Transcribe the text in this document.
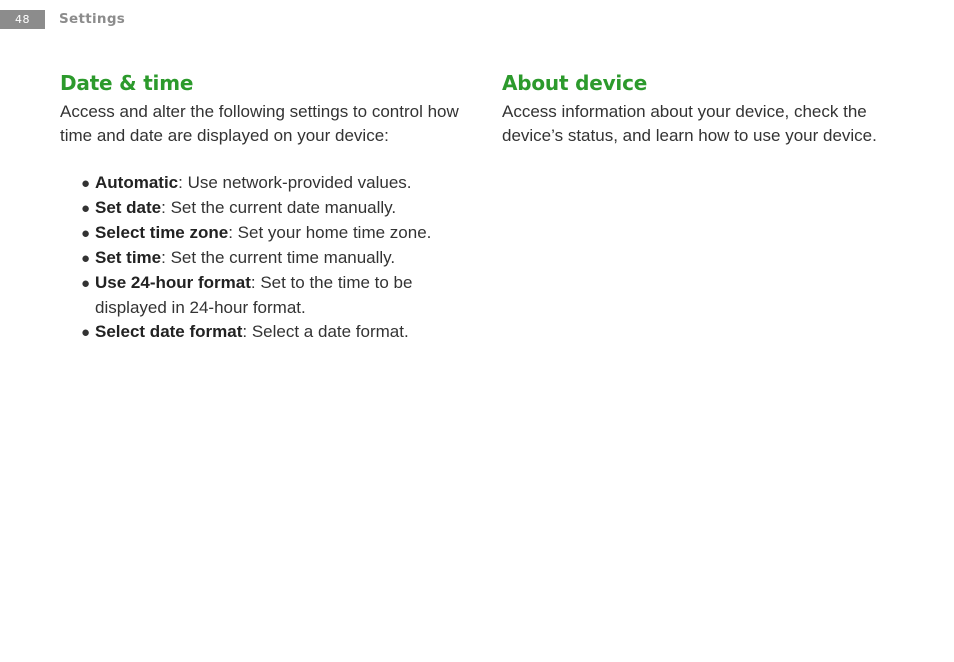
48	Settings
Date & time

Access and alter the following settings to control how time and date are displayed on your device:

● Automatic: Use network-provided values.
● Set date: Set the current date manually.
● Select time zone: Set your home time zone.
● Set time: Set the current time manually.
● Use 24-hour format: Set to the time to be displayed in 24-hour format.
● Select date format: Select a date format.
About device

Access information about your device, check the device’s status, and learn how to use your device.
